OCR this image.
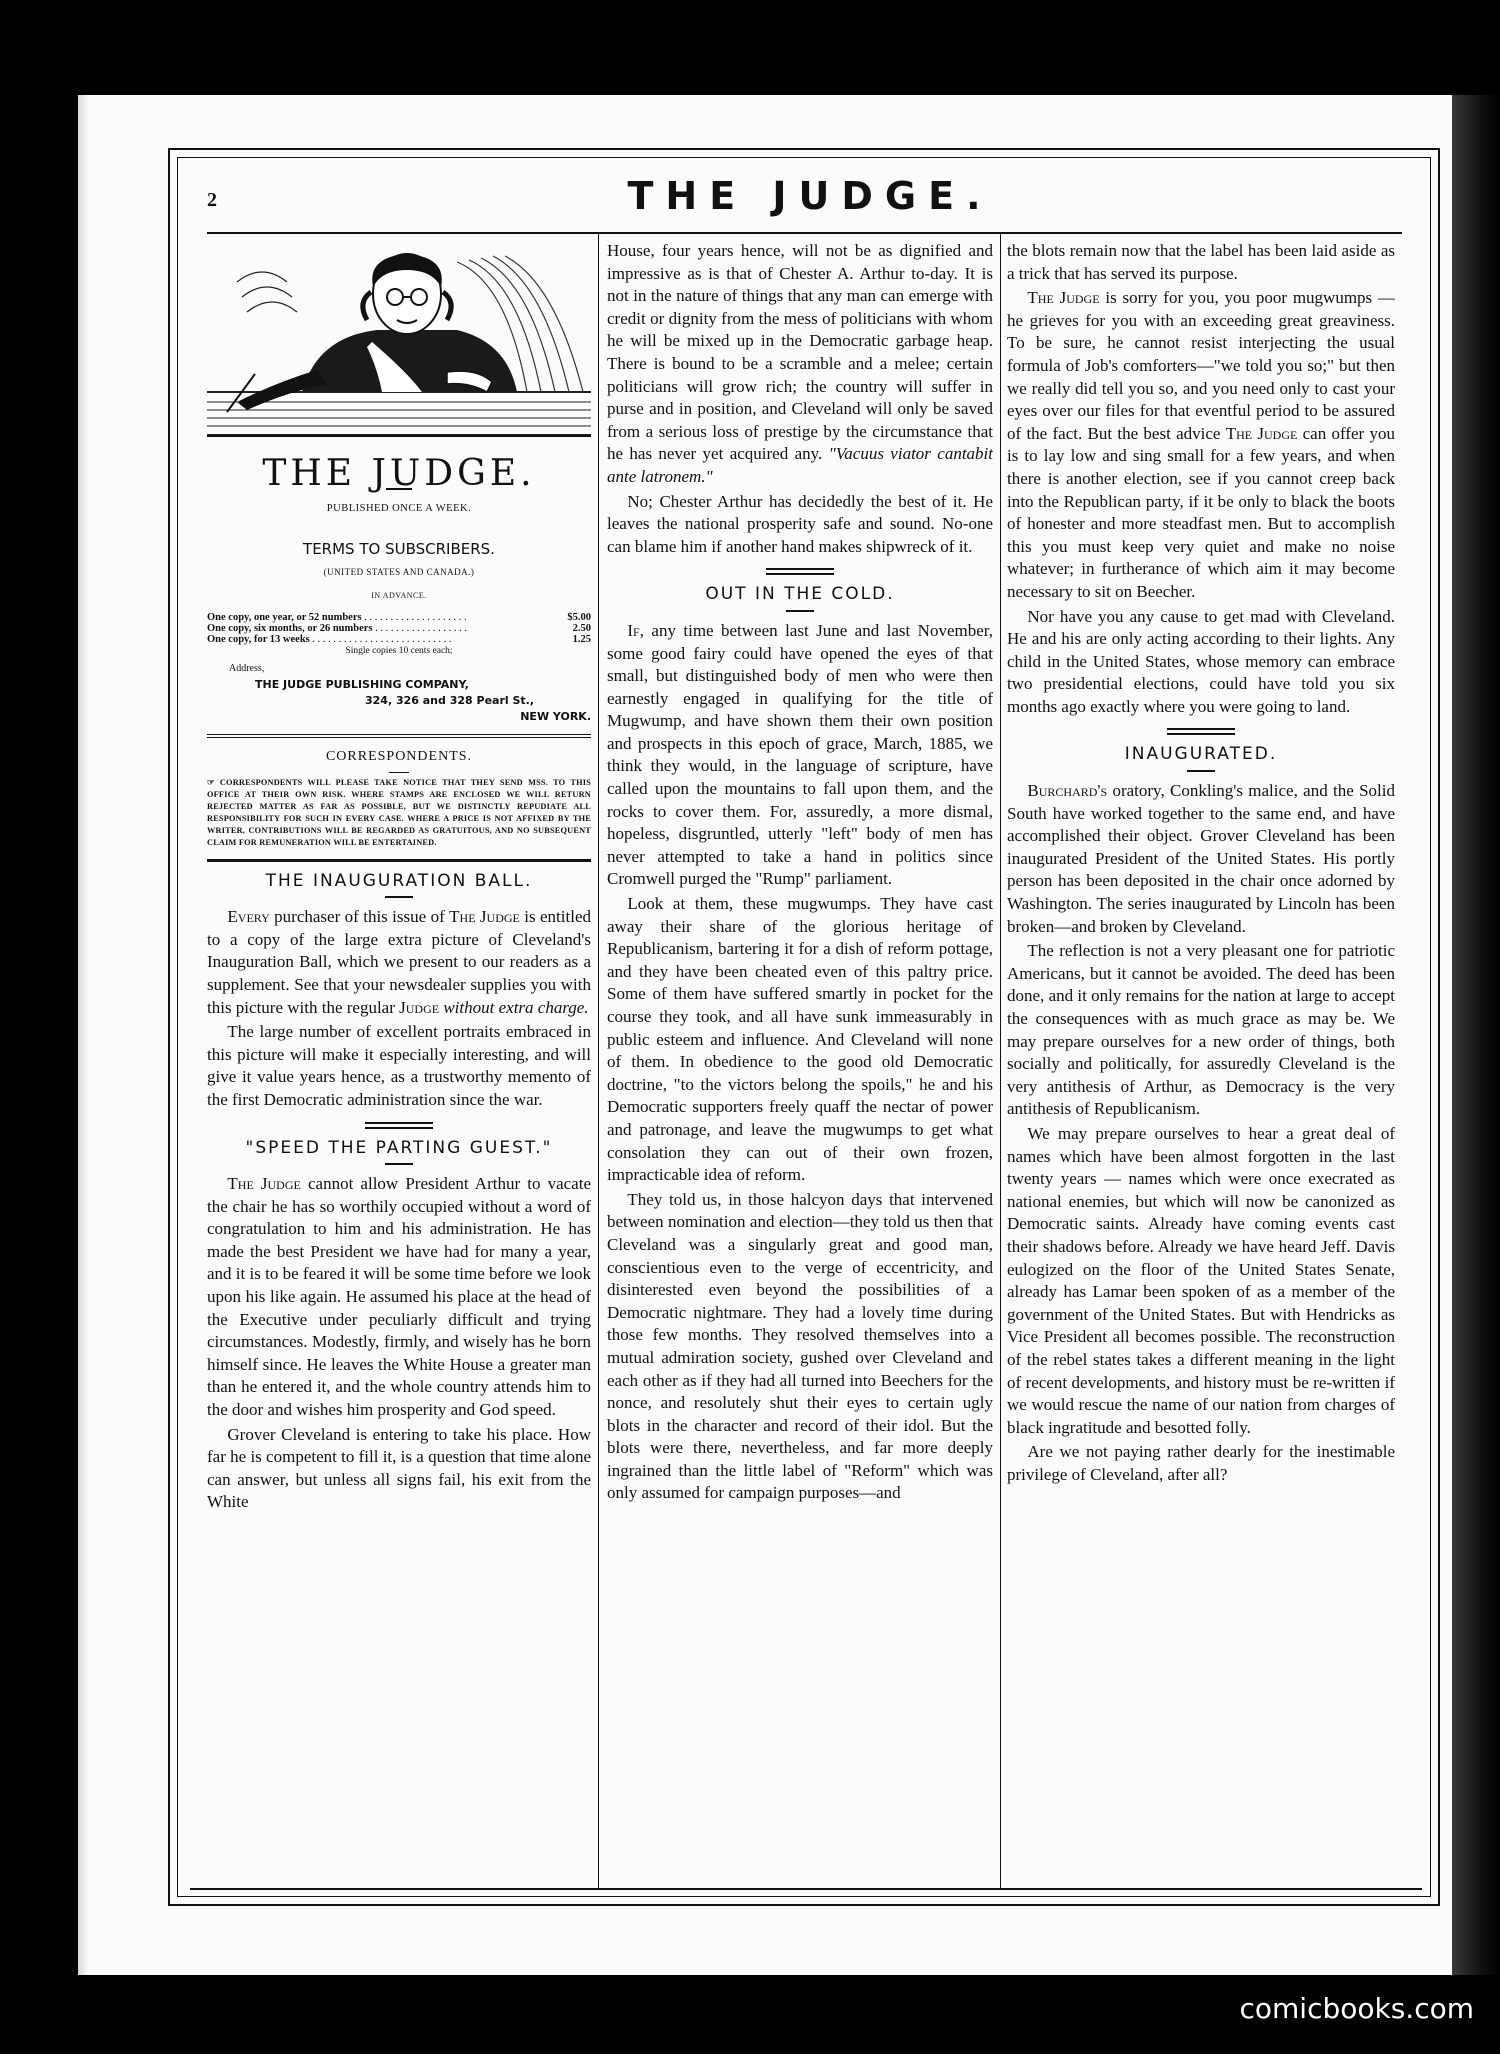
2	THE JUDGE.
THE JUDGE.
PUBLISHED ONCE A WEEK.
TERMS TO SUBSCRIBERS.
(UNITED STATES AND CANADA.)
IN ADVANCE.
One copy, one year, or 52 numbers . . . . . . . . . . . . . . . . . . . .	$5.00
One copy, six months, or 26 numbers . . . . . . . . . . . . . . . . . .	2.50
One copy, for 13 weeks . . . . . . . . . . . . . . . . . . . . . . . . . . .	1.25
Single copies 10 cents each;
Address,
THE JUDGE PUBLISHING COMPANY,
324, 326 and 328 Pearl St.,
NEW YORK.
CORRESPONDENTS.
☞ CORRESPONDENTS WILL PLEASE TAKE NOTICE THAT THEY SEND MSS. TO THIS OFFICE AT THEIR OWN RISK. WHERE STAMPS ARE ENCLOSED WE WILL RETURN REJECTED MATTER AS FAR AS POSSIBLE, BUT WE DISTINCTLY REPUDIATE ALL RESPONSIBILITY FOR SUCH IN EVERY CASE. WHERE A PRICE IS NOT AFFIXED BY THE WRITER, CONTRIBUTIONS WILL BE REGARDED AS GRATUITOUS, AND NO SUBSEQUENT CLAIM FOR REMUNERATION WILL BE ENTERTAINED.
THE INAUGURATION BALL.

Every purchaser of this issue of The Judge is entitled to a copy of the large extra picture of Cleveland's Inauguration Ball, which we present to our readers as a supplement. See that your newsdealer supplies you with this picture with the regular Judge without extra charge.

The large number of excellent portraits embraced in this picture will make it especially interesting, and will give it value years hence, as a trustworthy memento of the first Democratic administration since the war.

"SPEED THE PARTING GUEST."

The Judge cannot allow President Arthur to vacate the chair he has so worthily occupied without a word of congratulation to him and his administration. He has made the best President we have had for many a year, and it is to be feared it will be some time before we look upon his like again. He assumed his place at the head of the Executive under peculiarly difficult and trying circumstances. Modestly, firmly, and wisely has he born himself since. He leaves the White House a greater man than he entered it, and the whole country attends him to the door and wishes him prosperity and God speed.

Grover Cleveland is entering to take his place. How far he is competent to fill it, is a question that time alone can answer, but unless all signs fail, his exit from the White

House, four years hence, will not be as dignified and impressive as is that of Chester A. Arthur to-day. It is not in the nature of things that any man can emerge with credit or dignity from the mess of politicians with whom he will be mixed up in the Democratic garbage heap. There is bound to be a scramble and a melee; certain politicians will grow rich; the country will suffer in purse and in position, and Cleveland will only be saved from a serious loss of prestige by the circumstance that he has never yet acquired any. "Vacuus viator cantabit ante latronem."

No; Chester Arthur has decidedly the best of it. He leaves the national prosperity safe and sound. No-one can blame him if another hand makes shipwreck of it.

OUT IN THE COLD.

If, any time between last June and last November, some good fairy could have opened the eyes of that small, but distinguished body of men who were then earnestly engaged in qualifying for the title of Mugwump, and have shown them their own position and prospects in this epoch of grace, March, 1885, we think they would, in the language of scripture, have called upon the mountains to fall upon them, and the rocks to cover them. For, assuredly, a more dismal, hopeless, disgruntled, utterly "left" body of men has never attempted to take a hand in politics since Cromwell purged the "Rump" parliament.

Look at them, these mugwumps. They have cast away their share of the glorious heritage of Republicanism, bartering it for a dish of reform pottage, and they have been cheated even of this paltry price. Some of them have suffered smartly in pocket for the course they took, and all have sunk immeasurably in public esteem and influence. And Cleveland will none of them. In obedience to the good old Democratic doctrine, "to the victors belong the spoils," he and his Democratic supporters freely quaff the nectar of power and patronage, and leave the mugwumps to get what consolation they can out of their own frozen, impracticable idea of reform.

They told us, in those halcyon days that intervened between nomination and election—they told us then that Cleveland was a singularly great and good man, conscientious even to the verge of eccentricity, and disinterested even beyond the possibilities of a Democratic nightmare. They had a lovely time during those few months. They resolved themselves into a mutual admiration society, gushed over Cleveland and each other as if they had all turned into Beechers for the nonce, and resolutely shut their eyes to certain ugly blots in the character and record of their idol. But the blots were there, nevertheless, and far more deeply ingrained than the little label of "Reform" which was only assumed for campaign purposes—and

the blots remain now that the label has been laid aside as a trick that has served its purpose.

The Judge is sorry for you, you poor mugwumps — he grieves for you with an exceeding great greaviness. To be sure, he cannot resist interjecting the usual formula of Job's comforters—"we told you so;" but then we really did tell you so, and you need only to cast your eyes over our files for that eventful period to be assured of the fact. But the best advice The Judge can offer you is to lay low and sing small for a few years, and when there is another election, see if you cannot creep back into the Republican party, if it be only to black the boots of honester and more steadfast men. But to accomplish this you must keep very quiet and make no noise whatever; in furtherance of which aim it may become necessary to sit on Beecher.

Nor have you any cause to get mad with Cleveland. He and his are only acting according to their lights. Any child in the United States, whose memory can embrace two presidential elections, could have told you six months ago exactly where you were going to land.

INAUGURATED.

Burchard's oratory, Conkling's malice, and the Solid South have worked together to the same end, and have accomplished their object. Grover Cleveland has been inaugurated President of the United States. His portly person has been deposited in the chair once adorned by Washington. The series inaugurated by Lincoln has been broken—and broken by Cleveland.

The reflection is not a very pleasant one for patriotic Americans, but it cannot be avoided. The deed has been done, and it only remains for the nation at large to accept the consequences with as much grace as may be. We may prepare ourselves for a new order of things, both socially and politically, for assuredly Cleveland is the very antithesis of Arthur, as Democracy is the very antithesis of Republicanism.

We may prepare ourselves to hear a great deal of names which have been almost forgotten in the last twenty years — names which were once execrated as national enemies, but which will now be canonized as Democratic saints. Already have coming events cast their shadows before. Already we have heard Jeff. Davis eulogized on the floor of the United States Senate, already has Lamar been spoken of as a member of the government of the United States. But with Hendricks as Vice President all becomes possible. The reconstruction of the rebel states takes a different meaning in the light of recent developments, and history must be re-written if we would rescue the name of our nation from charges of black ingratitude and besotted folly.

Are we not paying rather dearly for the inestimable privilege of Cleveland, after all?

comicbooks.com
